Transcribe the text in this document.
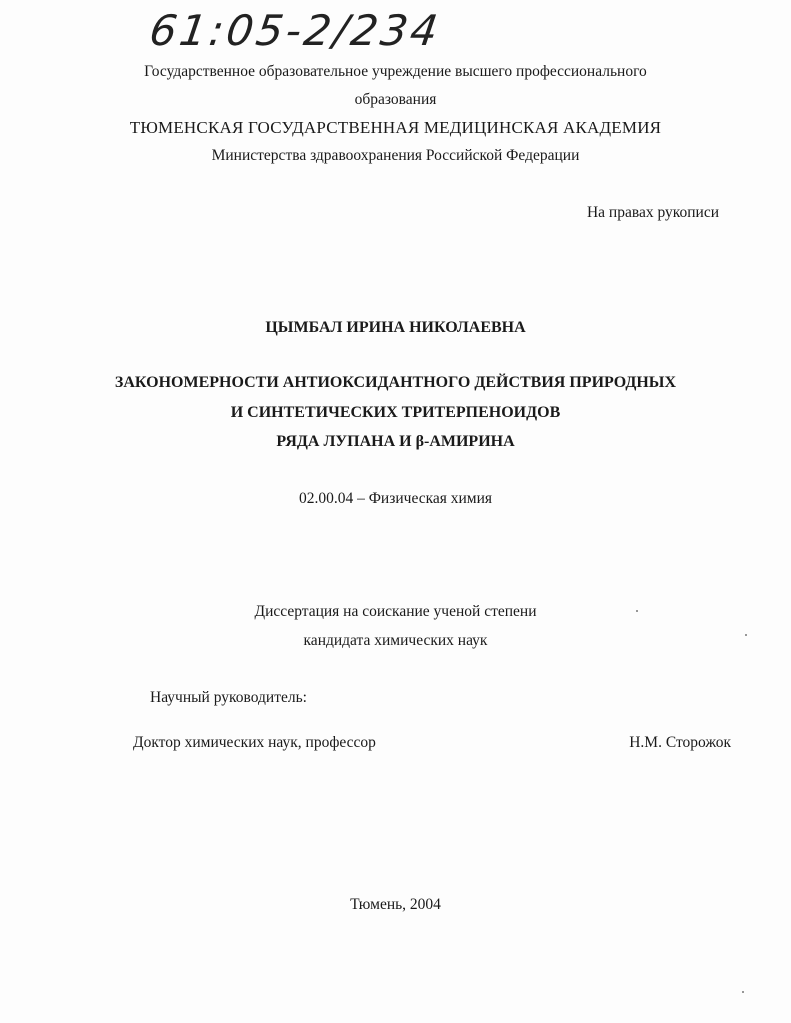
61:05-2/234
Государственное образовательное учреждение высшего профессионального
образования
ТЮМЕНСКАЯ ГОСУДАРСТВЕННАЯ МЕДИЦИНСКАЯ АКАДЕМИЯ
Министерства здравоохранения Российской Федерации
На правах рукописи
ЦЫМБАЛ ИРИНА НИКОЛАЕВНА
ЗАКОНОМЕРНОСТИ АНТИОКСИДАНТНОГО ДЕЙСТВИЯ ПРИРОДНЫХ
И СИНТЕТИЧЕСКИХ ТРИТЕРПЕНОИДОВ
РЯДА ЛУПАНА И β-АМИРИНА
02.00.04 – Физическая химия
Диссертация на соискание ученой степени
кандидата химических наук
Научный руководитель:
Доктор химических наук, профессор	Н.М. Сторожок
Тюмень, 2004
